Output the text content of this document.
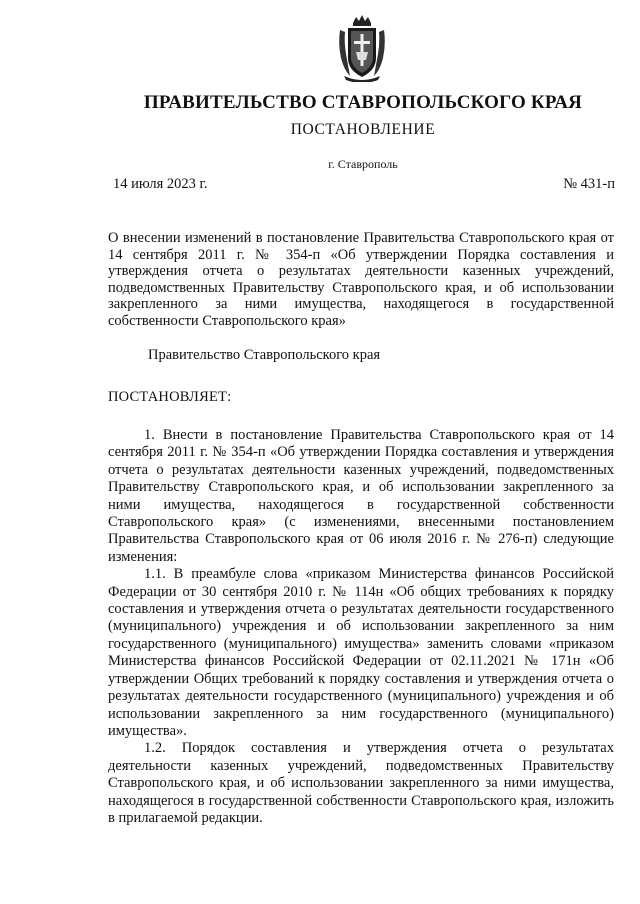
ПРАВИТЕЛЬСТВО СТАВРОПОЛЬСКОГО КРАЯ
ПОСТАНОВЛЕНИЕ
г. Ставрополь
14 июля 2023 г.	№ 431-п
О внесении изменений в постановление Правительства Ставропольского края от 14 сентября 2011 г. № 354-п «Об утверждении Порядка составления и утверждения отчета о результатах деятельности казенных учреждений, подведомственных Правительству Ставропольского края, и об использовании закрепленного за ними имущества, находящегося в государственной собственности Ставропольского края»
Правительство Ставропольского края
ПОСТАНОВЛЯЕТ:

1. Внести в постановление Правительства Ставропольского края от 14 сентября 2011 г. № 354-п «Об утверждении Порядка составления и утверждения отчета о результатах деятельности казенных учреждений, подведомственных Правительству Ставропольского края, и об использовании закрепленного за ними имущества, находящегося в государственной собственности Ставропольского края» (с изменениями, внесенными постановлением Правительства Ставропольского края от 06 июля 2016 г. № 276-п) следующие изменения:

1.1. В преамбуле слова «приказом Министерства финансов Российской Федерации от 30 сентября 2010 г. № 114н «Об общих требованиях к порядку составления и утверждения отчета о результатах деятельности государственного (муниципального) учреждения и об использовании закрепленного за ним государственного (муниципального) имущества» заменить словами «приказом Министерства финансов Российской Федерации от 02.11.2021 № 171н «Об утверждении Общих требований к порядку составления и утверждения отчета о результатах деятельности государственного (муниципального) учреждения и об использовании закрепленного за ним государственного (муниципального) имущества».

1.2. Порядок составления и утверждения отчета о результатах деятельности казенных учреждений, подведомственных Правительству Ставропольского края, и об использовании закрепленного за ними имущества, находящегося в государственной собственности Ставропольского края, изложить в прилагаемой редакции.
